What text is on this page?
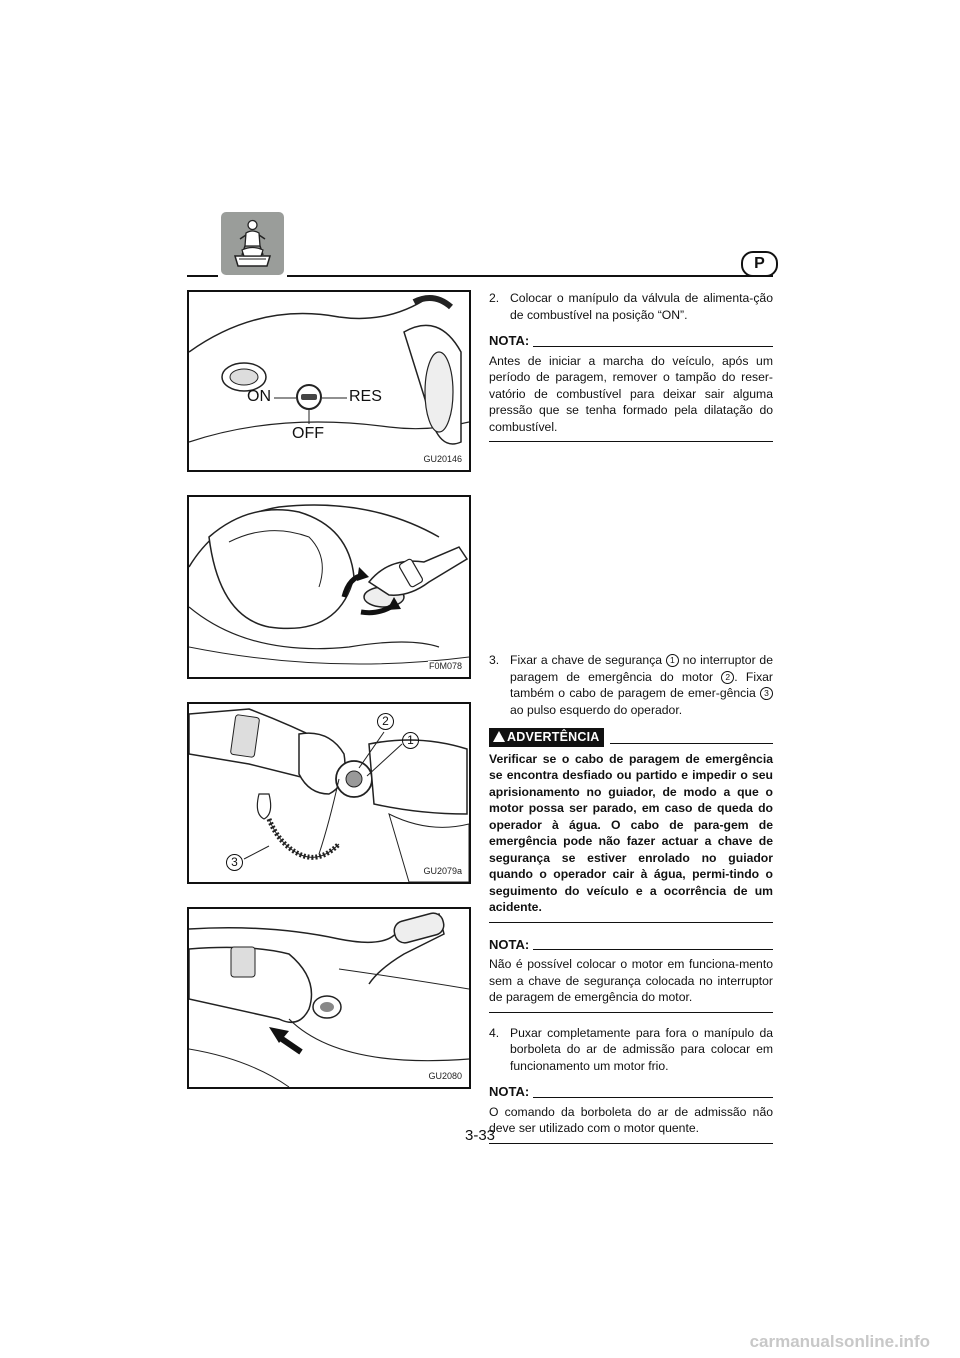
P
ON	RES
OFF
GU20146
F0M078
2
1
3
GU2079a
GU2080
2. Colocar o manípulo da válvula de alimenta-ção de combustível na posição “ON”.
NOTA:
Antes de iniciar a marcha do veículo, após um período de paragem, remover o tampão do reser-vatório de combustível para deixar sair alguma pressão que se tenha formado pela dilatação do combustível.
3. Fixar a chave de segurança 1 no interruptor de paragem de emergência do motor 2 . Fixar também o cabo de paragem de emer-gência 3 ao pulso esquerdo do operador.
ADVERTÊNCIA
Verificar se o cabo de paragem de emergência se encontra desfiado ou partido e impedir o seu aprisionamento no guiador, de modo a que o motor possa ser parado, em caso de queda do operador à água. O cabo de para-gem de emergência pode não fazer actuar a chave de segurança se estiver enrolado no guiador quando o operador cair à água, permi-tindo o seguimento do veículo e a ocorrência de um acidente.
NOTA:
Não é possível colocar o motor em funciona-mento sem a chave de segurança colocada no interruptor de paragem de emergência do motor.
4. Puxar completamente para fora o manípulo da borboleta do ar de admissão para colocar em funcionamento um motor frio.
NOTA:
O comando da borboleta do ar de admissão não deve ser utilizado com o motor quente.
3-33
carmanualsonline.info
